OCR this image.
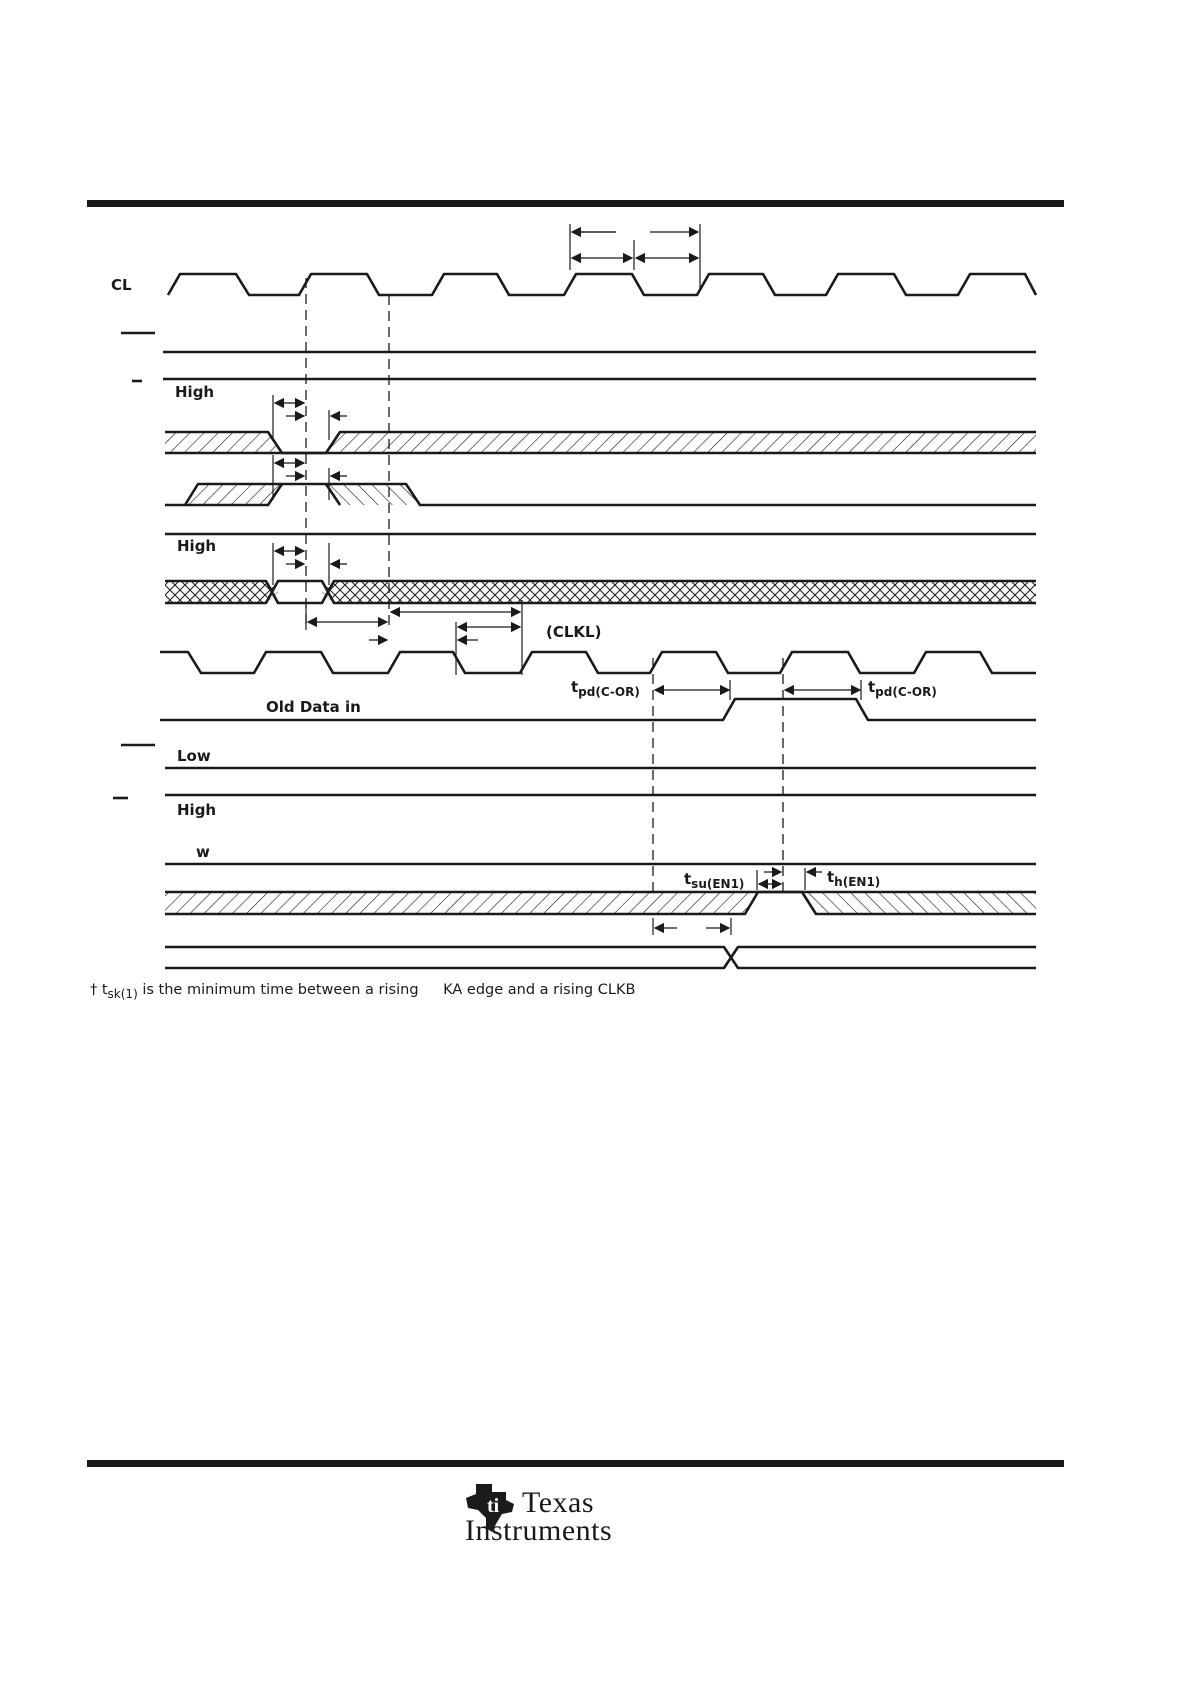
CL
High
High
(CLKL)
$t_{pd(C-OR)}$	$t_{pd(C-OR)}$
Old Data in
Low
High
w
$t_{su(EN1)}$	$t_{h(EN1)}$
† $t_{sk(1)}$ is the minimum time between a rising KA edge and a rising CLKB
ti Texas
Instruments
